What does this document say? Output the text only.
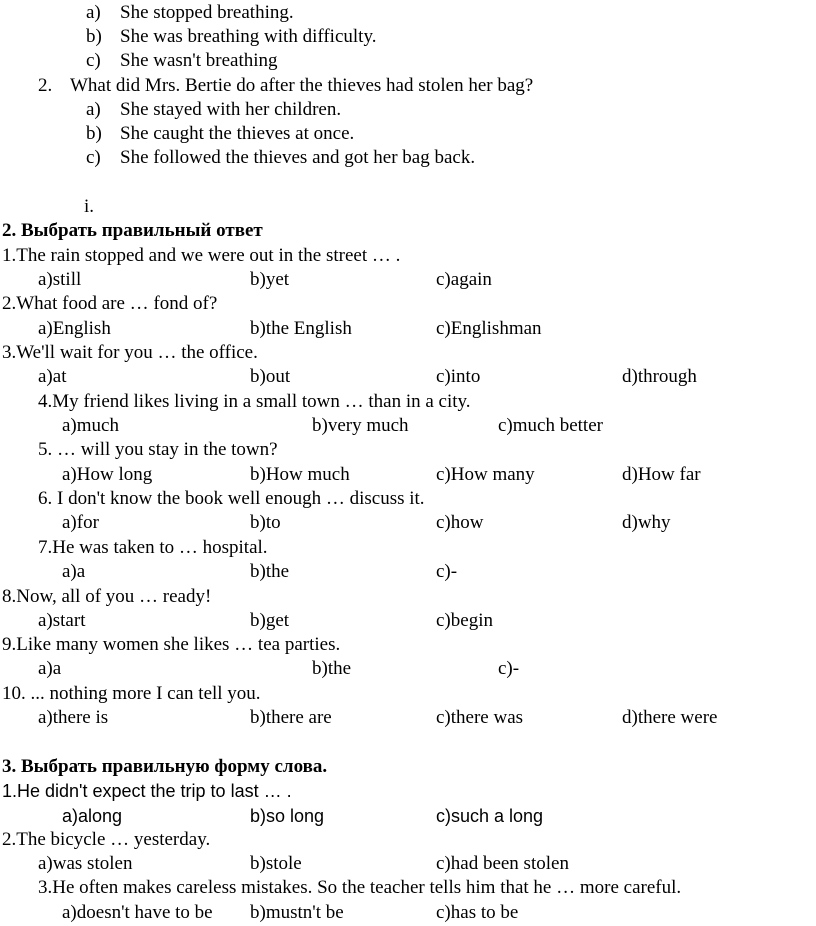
a) She stopped breathing.
b) She was breathing with difficulty.
c) She wasn't breathing
2. What did Mrs. Bertie do after the thieves had stolen her bag?
a) She stayed with her children.
b) She caught the thieves at once.
c) She followed the thieves and got her bag back.
i.
2. Выбрать правильный ответ
1.The rain stopped and we were out in the street … .
a)still	b)yet	c)again
2.What food are … fond of?
a)English	b)the English	c)Englishman
3.We'll wait for you … the office.
a)at	b)out	c)into	d)through
4.My friend likes living in a small town … than in a city.
a)much	b)very much	c)much better
5. … will you stay in the town?
a)How long	b)How much	c)How many	d)How far
6. I don't know the book well enough … discuss it.
a)for	b)to	c)how	d)why
7.He was taken to … hospital.
a)a	b)the	c)-
8.Now, all of you … ready!
a)start	b)get	c)begin
9.Like many women she likes … tea parties.
a)a	b)the	c)-
10. ... nothing more I can tell you.
a)there is	b)there are	c)there was	d)there were
3. Выбрать правильную форму слова.
1.He didn't expect the trip to last … .
a)along	b)so long	c)such a long
2.The bicycle … yesterday.
a)was stolen	b)stole	c)had been stolen
3.He often makes careless mistakes. So the teacher tells him that he … more careful.
a)doesn't have to be b)mustn't be	c)has to be
